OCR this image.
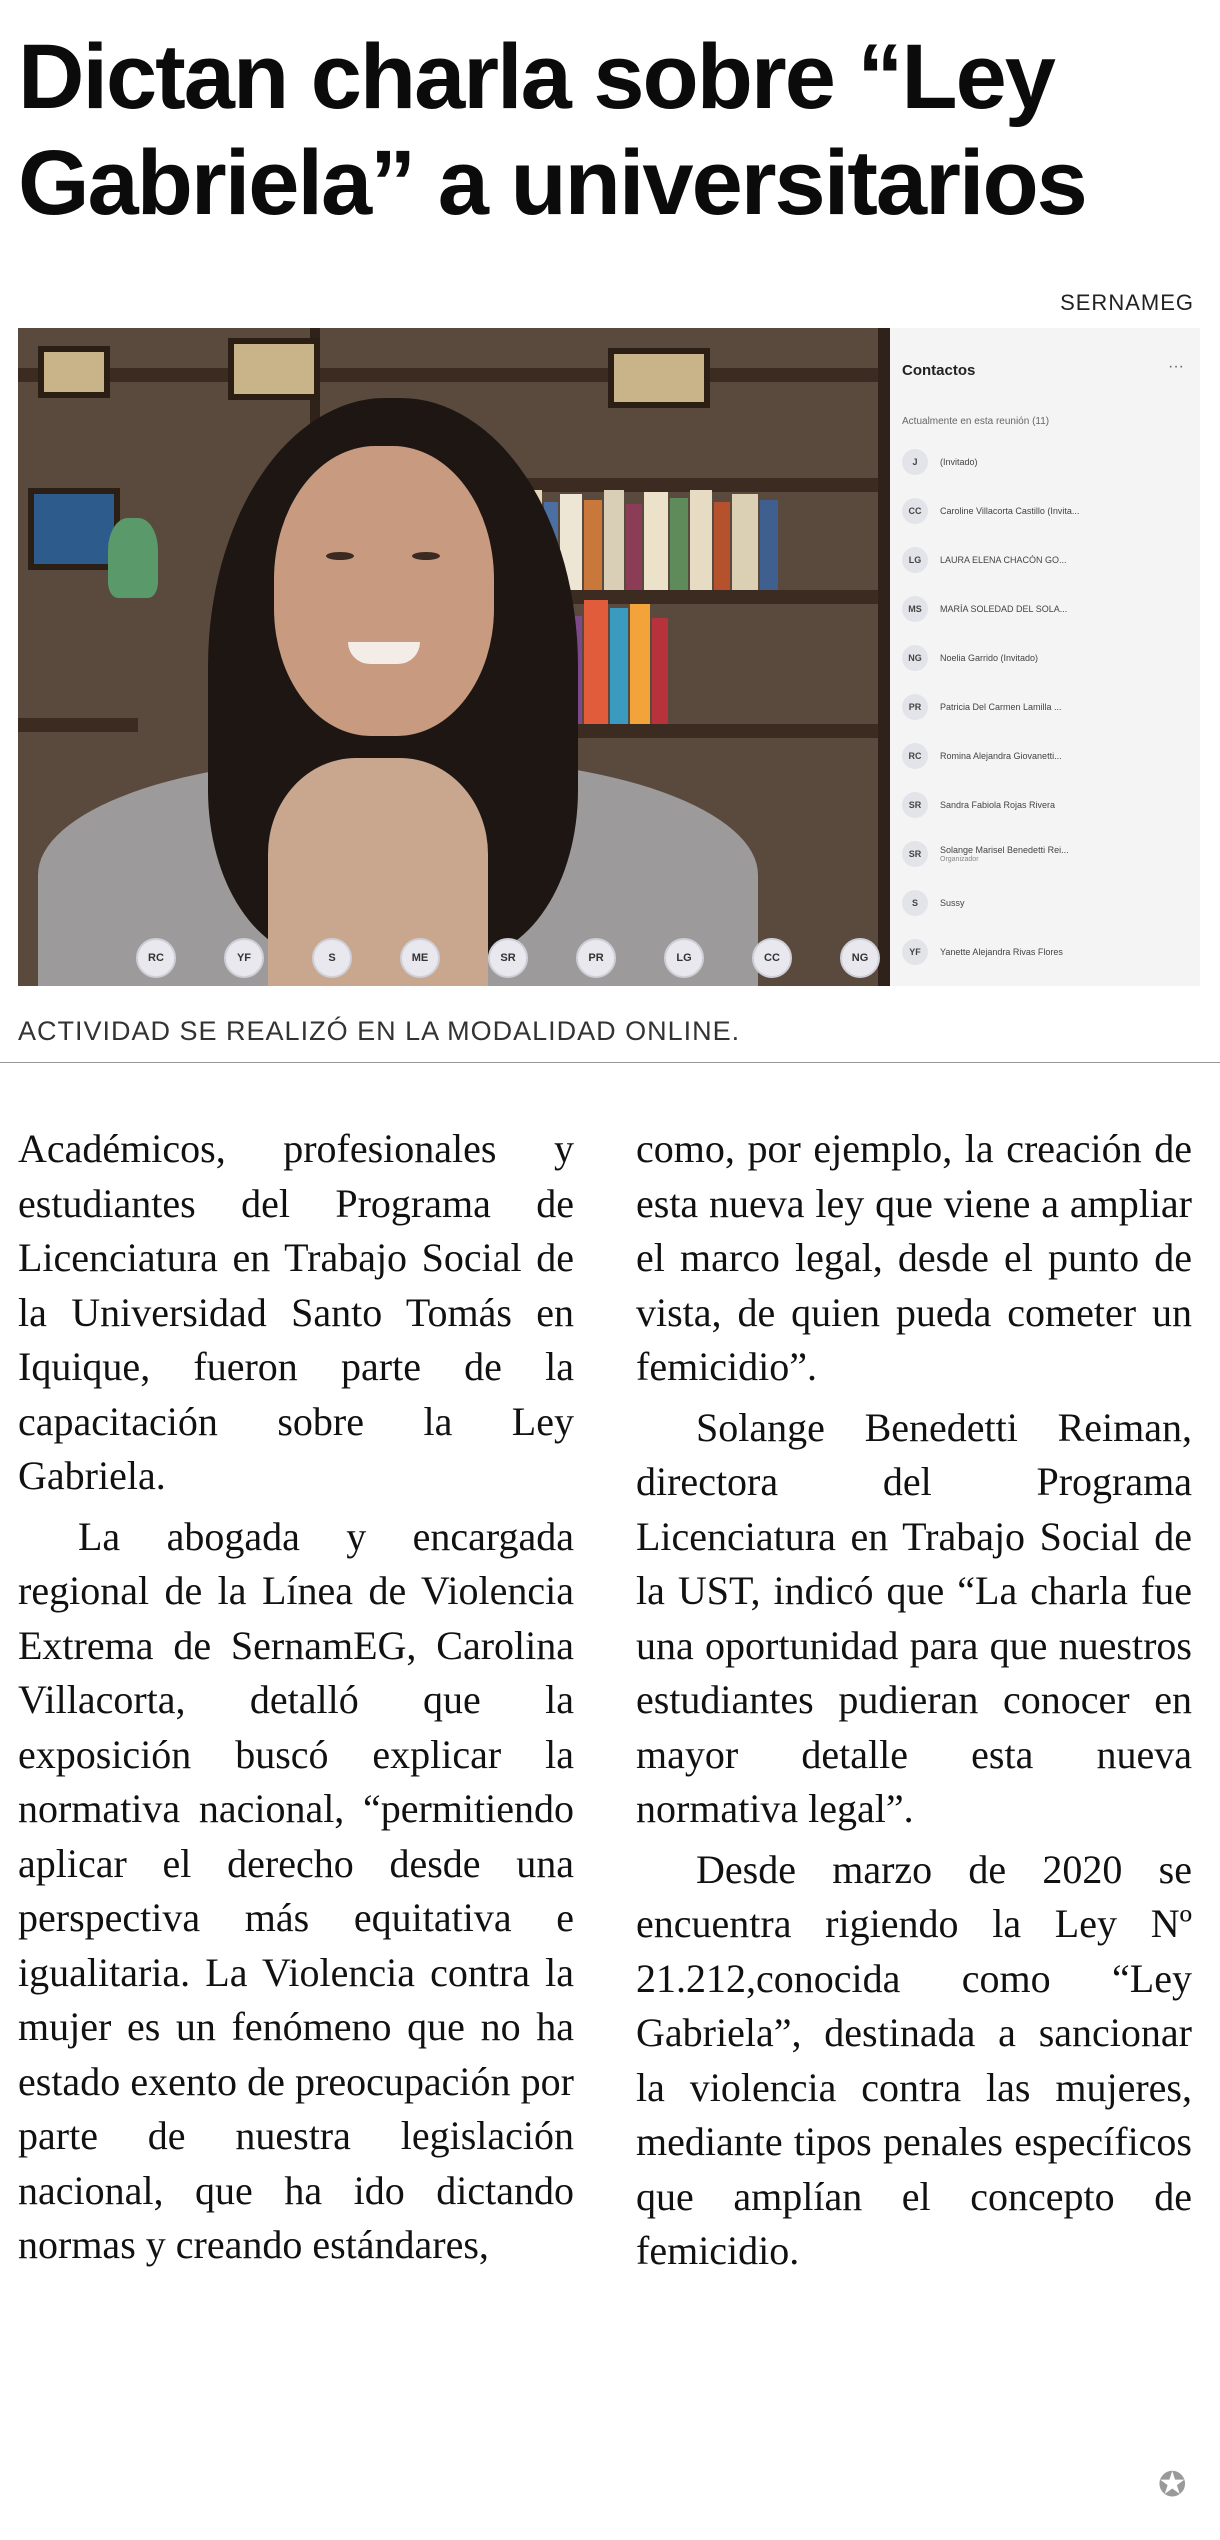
Dictan charla sobre “Ley Gabriela” a universitarios
SERNAMEG
RC	YF	S	ME	SR	PR	LG	CC	NG
Contactos	···
Actualmente en esta reunión (11)
J	(Invitado)
CC	Caroline Villacorta Castillo (Invita...
LG	LAURA ELENA CHACÓN GO...
MS	MARÍA SOLEDAD DEL SOLA...
NG	Noelia Garrido (Invitado)
PR	Patricia Del Carmen Lamilla ...
RC	Romina Alejandra Giovanetti...
SR	Sandra Fabiola Rojas Rivera
SR	Solange Marisel Benedetti Rei...
Organizador
S	Sussy
YF	Yanette Alejandra Rivas Flores
ACTIVIDAD SE REALIZÓ EN LA MODALIDAD ONLINE.

Académicos, profesionales y estudiantes del Programa de Licenciatura en Trabajo Social de la Universidad Santo Tomás en Iquique, fueron parte de la capacitación sobre la Ley Gabriela.

La abogada y encargada regional de la Línea de Violencia Extrema de SernamEG, Carolina Villacorta, detalló que la exposición buscó explicar la normativa nacional, “permitiendo aplicar el derecho desde una perspectiva más equitativa e igualitaria. La Violencia contra la mujer es un fenómeno que no ha estado exento de preocupación por parte de nuestra legislación nacional, que ha ido dictando normas y creando estándares,

como, por ejemplo, la creación de esta nueva ley que viene a ampliar el marco legal, desde el punto de vista, de quien pueda cometer un femicidio”.

Solange Benedetti Reiman, directora del Programa Licenciatura en Trabajo Social de la UST, indicó que “La charla fue una oportunidad para que nuestros estudiantes pudieran conocer en mayor detalle esta nueva normativa legal”.

Desde marzo de 2020 se encuentra rigiendo la Ley Nº 21.212,conocida como “Ley Gabriela”, destinada a sancionar la violencia contra las mujeres, mediante tipos penales específicos que amplían el concepto de femicidio.

✪
